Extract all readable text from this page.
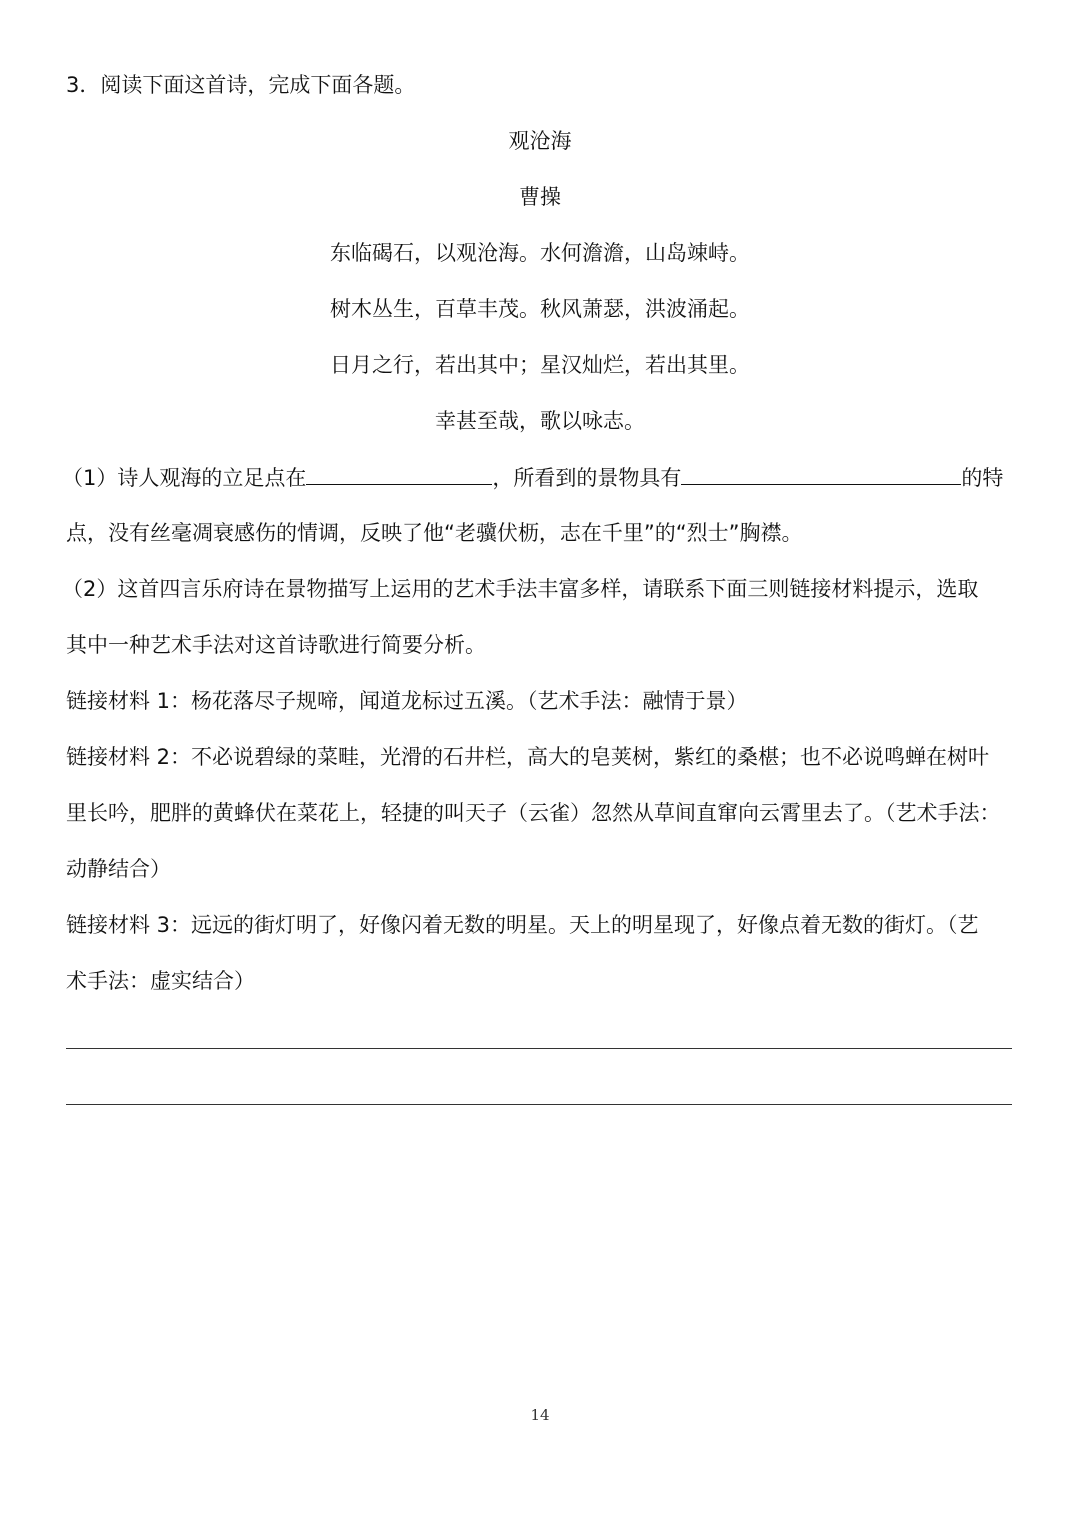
3．阅读下面这首诗，完成下面各题。
观沧海
曹操
东临碣石，以观沧海。水何澹澹，山岛竦峙。
树木丛生，百草丰茂。秋风萧瑟，洪波涌起。
日月之行，若出其中；星汉灿烂，若出其里。
幸甚至哉，歌以咏志。
（1）诗人观海的立足点在	，所看到的景物具有	的特
点，没有丝毫凋衰感伤的情调，反映了他“老骥伏枥，志在千里”的“烈士”胸襟。
（2）这首四言乐府诗在景物描写上运用的艺术手法丰富多样，请联系下面三则链接材料提示，选取
其中一种艺术手法对这首诗歌进行简要分析。
链接材料 1：杨花落尽子规啼，闻道龙标过五溪。（艺术手法：融情于景）
链接材料 2：不必说碧绿的菜畦，光滑的石井栏，高大的皂荚树，紫红的桑椹；也不必说鸣蝉在树叶
里长吟，肥胖的黄蜂伏在菜花上，轻捷的叫天子（云雀）忽然从草间直窜向云霄里去了。（艺术手法：
动静结合）
链接材料 3：远远的街灯明了，好像闪着无数的明星。天上的明星现了，好像点着无数的街灯。（艺
术手法：虚实结合）
14
